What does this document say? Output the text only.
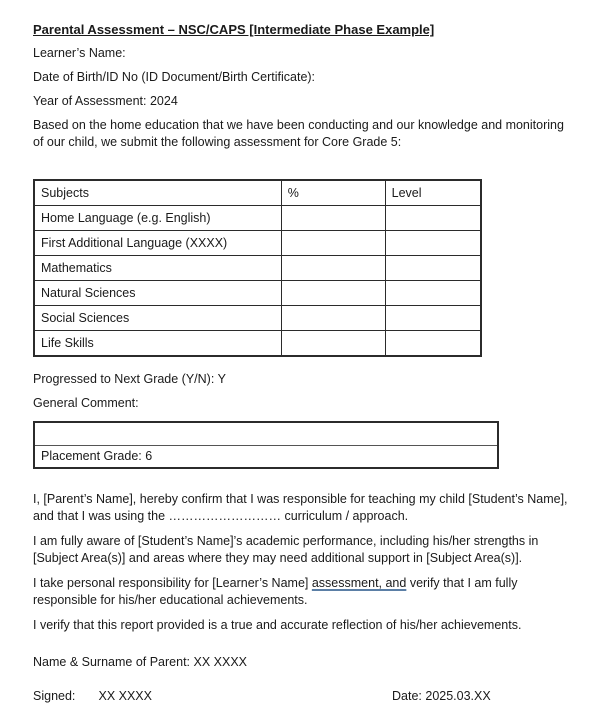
Parental Assessment – NSC/CAPS [Intermediate Phase Example]

Learner’s Name:

Date of Birth/ID No (ID Document/Birth Certificate):

Year of Assessment: 2024

Based on the home education that we have been conducting and our knowledge and monitoring of our child, we submit the following assessment for Core Grade 5:

Subjects	%	Level
Home Language (e.g. English)		
First Additional Language (XXXX)		
Mathematics		
Natural Sciences		
Social Sciences		
Life Skills		

Progressed to Next Grade (Y/N): Y

General Comment:

Placement Grade: 6

I, [Parent’s Name], hereby confirm that I was responsible for teaching my child [Student’s Name], and that I was using the ……………………… curriculum / approach.

I am fully aware of [Student’s Name]’s academic performance, including his/her strengths in [Subject Area(s)] and areas where they may need additional support in [Subject Area(s)].

I take personal responsibility for [Learner’s Name] assessment, and verify that I am fully responsible for his/her educational achievements.

I verify that this report provided is a true and accurate reflection of his/her achievements.

Name & Surname of Parent: XX XXXX

Signed: XX XXXX	Date: 2025.03.XX
